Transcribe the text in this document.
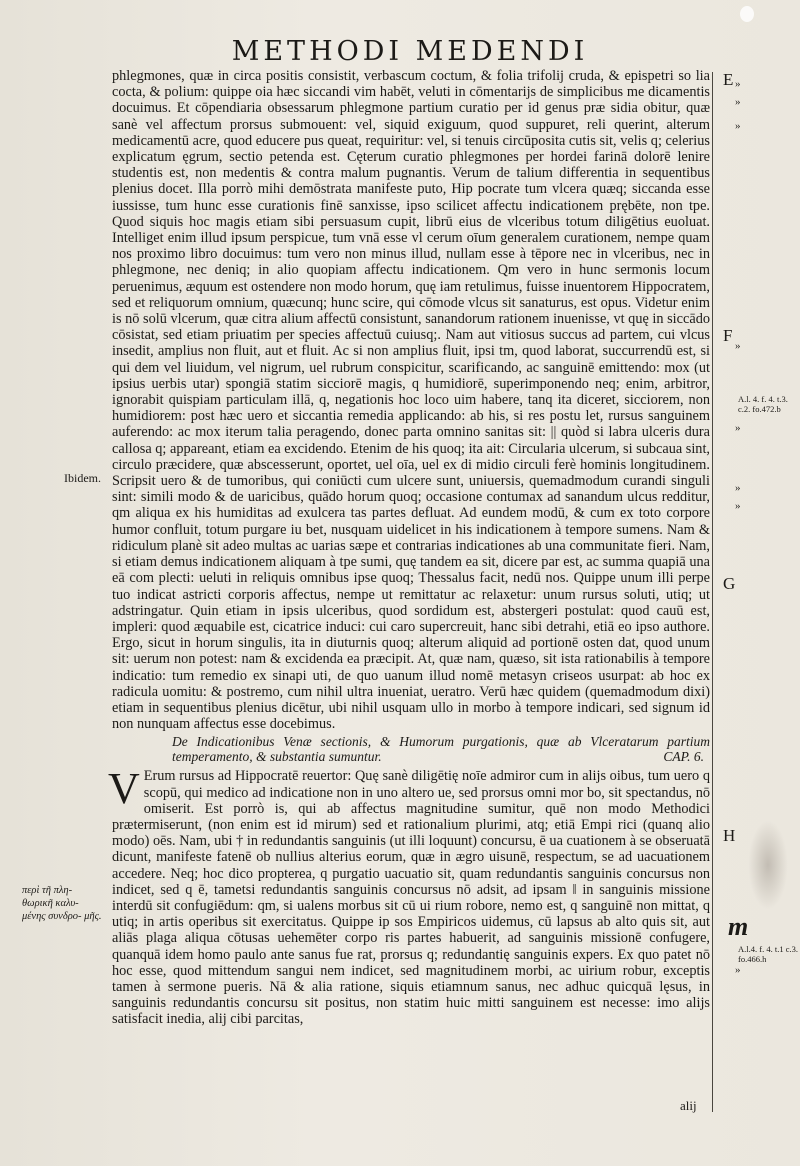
METHODI MEDENDI

phlegmones, quæ in circa positis consistit, verbascum coctum, & folia trifolij cruda, & epispetri so lia cocta, & polium: quippe oia hæc siccandi vim habēt, veluti in cōmentarijs de simplicibus me dicamentis docuimus. Et cōpendiaria obsessarum phlegmone partium curatio per id genus præ sidia obitur, quæ sanè vel affectum prorsus submouent: vel, siquid exiguum, quod suppuret, reli querint, alterum medicamentū acre, quod educere pus queat, requiritur: vel, si tenuis circūposita cutis sit, velis q; celerius explicatum ęgrum, sectio petenda est. Cęterum curatio phlegmones per hordei farinā dolorē lenire studentis est, non medentis & contra malum pugnantis. Verum de talium differentia in sequentibus plenius docet. Illa porrò mihi demōstrata manifeste puto, Hip pocrate tum vlcera quæq; siccanda esse iussisse, tum hunc esse curationis finē sanxisse, ipso scilicet affectu indicationem prębēte, non tpe. Quod siquis hoc magis etiam sibi persuasum cupit, librū eius de vlceribus totum diligētius euoluat. Intelliget enim illud ipsum perspicue, tum vnā esse vl cerum oīum generalem curationem, nempe quam nos proximo libro docuimus: tum vero non minus illud, nullam esse à tēpore nec in vlceribus, nec in phlegmone, nec deniq; in alio quopiam affectu indicationem. Qm vero in hunc sermonis locum peruenimus, æquum est ostendere non modo horum, quę iam retulimus, fuisse inuentorem Hippocratem, sed et reliquorum omnium, quæcunq; hunc scire, qui cōmode vlcus sit sanaturus, est opus. Videtur enim is nō solū vlcerum, quæ citra alium affectū consistunt, sanandorum rationem inuenisse, vt quę in siccādo cōsistat, sed etiam priuatim per species affectuū cuiusq;. Nam aut vitiosus succus ad partem, cui vlcus insedit, amplius non fluit, aut et fluit. Ac si non amplius fluit, ipsi tm, quod laborat, succurrendū est, si qui dem vel liuidum, vel nigrum, uel rubrum conspicitur, scarificando, ac sanguinē emittendo: mox (ut ipsius uerbis utar) spongiā statim sicciorē magis, q humidiorē, superimponendo neq; enim, arbitror, ignorabit quispiam particulam illā, q, negationis hoc loco uim habere, tanq ita diceret, sicciorem, non humidiorem: post hæc uero et siccantia remedia applicando: ab his, si res postu let, rursus sanguinem auferendo: ac mox iterum talia peragendo, donec parta omnino sanitas sit: || quòd si labra ulceris dura callosa q; appareant, etiam ea excidendo. Etenim de his quoq; ita ait: Circularia ulcerum, si subcaua sint, circulo præcidere, quæ abscesserunt, oportet, uel oīa, uel ex di midio circuli ferè hominis longitudinem. Scripsit uero & de tumoribus, qui coniūcti cum ulcere sunt, uniuersis, quemadmodum curandi singuli sint: simili modo & de uaricibus, quādo horum quoq; occasione contumax ad sanandum ulcus redditur, qm aliqua ex his humiditas ad exulcera tas partes defluat. Ad eundem modū, & cum ex toto corpore humor confluit, totum purgare iu bet, nusquam uidelicet in his indicationem à tempore sumens. Nam & ridiculum planè sit adeo multas ac uarias sæpe et contrarias indicationes ab una communitate fieri. Nam, si etiam demus indicationem aliquam à tpe sumi, quę tandem ea sit, dicere par est, ac summa quapiā una eā com plecti: ueluti in reliquis omnibus ipse quoq; Thessalus facit, nedū nos. Quippe unum illi perpe tuo indicat astricti corporis affectus, nempe ut remittatur ac relaxetur: unum rursus soluti, utiq; ut adstringatur. Quin etiam in ipsis ulceribus, quod sordidum est, abstergeri postulat: quod cauū est, impleri: quod æquabile est, cicatrice induci: cui caro supercreuit, hanc sibi detrahi, etiā eo ipso authore. Ergo, sicut in horum singulis, ita in diuturnis quoq; alterum aliquid ad portionē osten dat, quod unum sit: uerum non potest: nam & excidenda ea præcipit. At, quæ nam, quæso, sit ista rationabilis à tempore indicatio: tum remedio ex sinapi uti, de quo uanum illud nomē metasyn criseos usurpat: ab hoc ex radicula uomitu: & postremo, cum nihil ultra inueniat, ueratro. Verū hæc quidem (quemadmodum dixi) etiam in sequentibus plenius dicētur, ubi nihil usquam ullo in morbo à tempore indicari, sed signum id non nunquam affectus esse docebimus.

De Indicationibus Venæ sectionis, & Humorum purgationis, quæ ab Vlceratarum partium temperamento, & substantia sumuntur.	CAP. 6.

V Erum rursus ad Hippocratē reuertor: Quę sanè diligētię noīe admiror cum in alijs oibus, tum uero q scopū, qui medico ad indicatione non in uno altero ue, sed prorsus omni mor bo, sit spectandus, nō omiserit. Est porrò is, qui ab affectus magnitudine sumitur, quē non modo Methodici prætermiserunt, (non enim est id mirum) sed et rationalium plurimi, atq; etiā Empi rici (quanq alio modo) oēs. Nam, ubi † in redundantis sanguinis (ut illi loquunt) concursu, ē ua cuationem à se obseruatā dicunt, manifeste fatenē ob nullius alterius eorum, quæ in ægro uisunē, respectum, se ad uacuationem accedere. Neq; hoc dico propterea, q purgatio uacuatio sit, quam redundantis sanguinis concursus non indicet, sed q ē, tametsi redundantis sanguinis concursus nō adsit, ad ipsam ‖ in sanguinis missione interdū sit confugiēdum: qm, si ualens morbus sit cū ui rium robore, nemo est, q sanguinē non mittat, q utiq; in artis operibus sit exercitatus. Quippe ip sos Empiricos uidemus, cū lapsus ab alto quis sit, aut aliās plaga aliqua cōtusas uehemēter corpo ris partes habuerit, ad sanguinis missionē confugere, quanquā idem homo paulo ante sanus fue rat, prorsus q; redundantię sanguinis expers. Ex quo patet nō hoc esse, quod mittendum sangui nem indicet, sed magnitudinem morbi, ac uirium robur, exceptis tamen à sermone pueris. Nā & alia ratione, siquis etiamnum sanus, nec adhuc quicquā lęsus, in sanguinis redundantis concursu sit positus, non statim huic mitti sanguinem est necesse: imo alijs satisfacit inedia, alij cibi parcitas,

Ibidem.
περὶ τῆ πλη- θωρικῆ καλυ- μένης συνδρο- μῆς.
E
F
G
H
»
»
»
»
»
»
»
»
A.l. 4. f. 4. t.3. c.2. fo.472.b
A.l.4. f. 4. t.1 c.3. fo.466.h
m
alij
